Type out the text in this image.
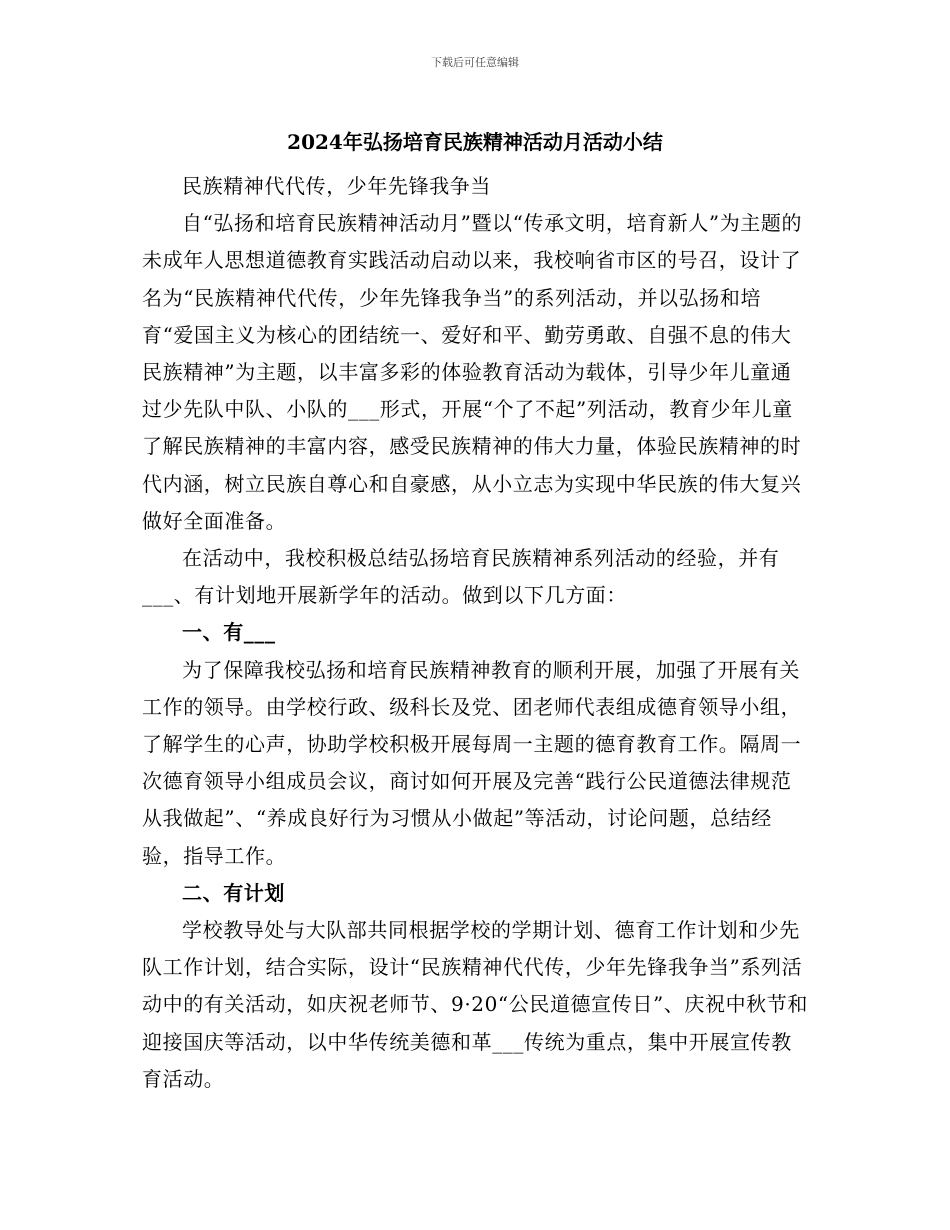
下载后可任意编辑
2024年弘扬培育民族精神活动月活动小结

民族精神代代传，少年先锋我争当

自“弘扬和培育民族精神活动月”暨以“传承文明，培育新人”为主题的未成年人思想道德教育实践活动启动以来，我校响省市区的号召，设计了名为“民族精神代代传，少年先锋我争当”的系列活动，并以弘扬和培育“爱国主义为核心的团结统一、爱好和平、勤劳勇敢、自强不息的伟大民族精神”为主题，以丰富多彩的体验教育活动为载体，引导少年儿童通过少先队中队、小队的___形式，开展“个了不起”列活动，教育少年儿童了解民族精神的丰富内容，感受民族精神的伟大力量，体验民族精神的时代内涵，树立民族自尊心和自豪感，从小立志为实现中华民族的伟大复兴做好全面准备。

在活动中，我校积极总结弘扬培育民族精神系列活动的经验，并有___、有计划地开展新学年的活动。做到以下几方面：

一、有___

为了保障我校弘扬和培育民族精神教育的顺利开展，加强了开展有关工作的领导。由学校行政、级科长及党、团老师代表组成德育领导小组，了解学生的心声，协助学校积极开展每周一主题的德育教育工作。隔周一次德育领导小组成员会议，商讨如何开展及完善“践行公民道德法律规范从我做起”、“养成良好行为习惯从小做起”等活动，讨论问题，总结经验，指导工作。

二、有计划

学校教导处与大队部共同根据学校的学期计划、德育工作计划和少先队工作计划，结合实际，设计“民族精神代代传，少年先锋我争当”系列活动中的有关活动，如庆祝老师节、9·20“公民道德宣传日”、庆祝中秋节和迎接国庆等活动，以中华传统美德和革___传统为重点，集中开展宣传教育活动。
